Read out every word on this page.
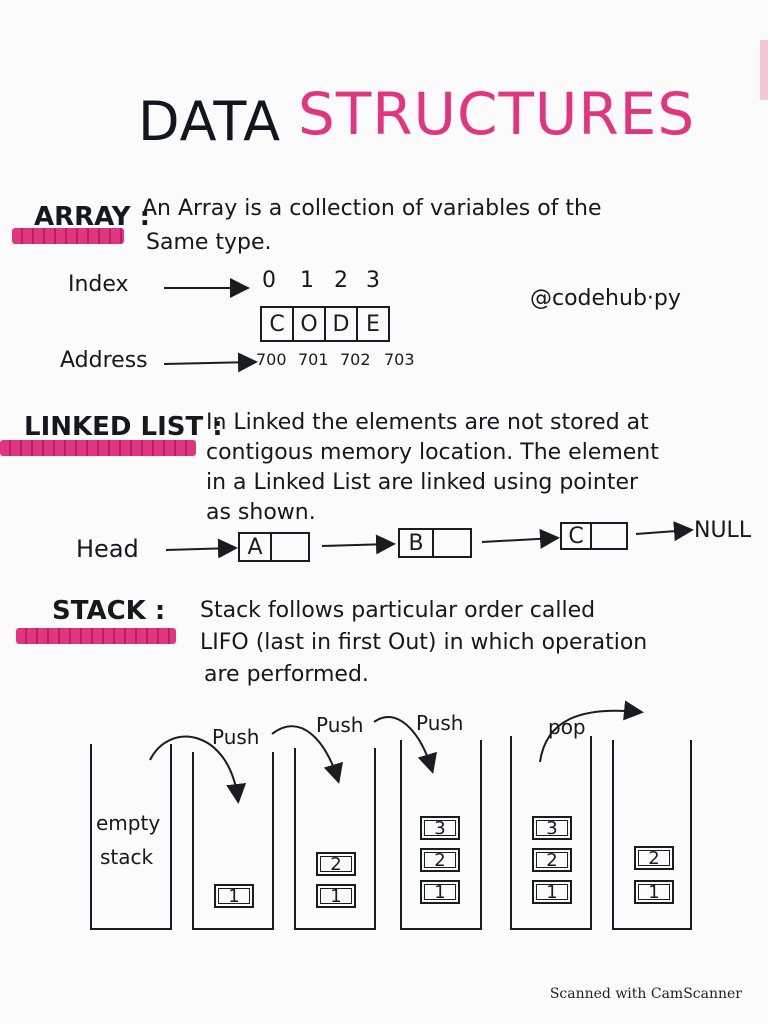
DATA STRUCTURES
ARRAY :
An Array is a collection of variables of the
Same type.
Index	0 1 2 3
C O D E
Address	700 701 702 703
@codehub·py
LINKED LIST :
In Linked the elements are not stored at
contigous memory location. The element
in a Linked List are linked using pointer
as shown.
Head	A	B	C	NULL
STACK : Stack follows particular order called
LIFO (last in first Out) in which operation
are performed.
empty
stack
1	1
2
1
2
3
1
2
3
1
2
Push	Push	Push	pop
Scanned with CamScanner
